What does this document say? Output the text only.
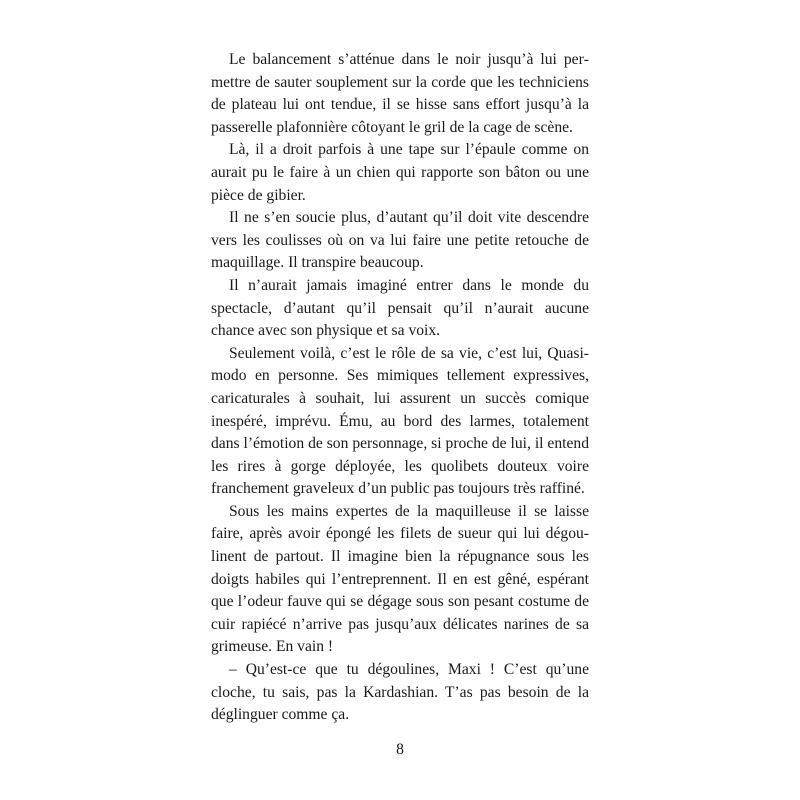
Le balancement s’atténue dans le noir jusqu’à lui permettre de sauter souplement sur la corde que les techniciens de plateau lui ont tendue, il se hisse sans effort jusqu’à la passerelle plafonnière côtoyant le gril de la cage de scène.

Là, il a droit parfois à une tape sur l’épaule comme on aurait pu le faire à un chien qui rapporte son bâton ou une pièce de gibier.

Il ne s’en soucie plus, d’autant qu’il doit vite descendre vers les coulisses où on va lui faire une petite retouche de maquillage. Il transpire beaucoup.

Il n’aurait jamais imaginé entrer dans le monde du spectacle, d’autant qu’il pensait qu’il n’aurait aucune chance avec son physique et sa voix.

Seulement voilà, c’est le rôle de sa vie, c’est lui, Quasimodo en personne. Ses mimiques tellement expressives, caricaturales à souhait, lui assurent un succès comique inespéré, imprévu. Ému, au bord des larmes, totalement dans l’émotion de son personnage, si proche de lui, il entend les rires à gorge déployée, les quolibets douteux voire franchement graveleux d’un public pas toujours très raffiné.

Sous les mains expertes de la maquilleuse il se laisse faire, après avoir épongé les filets de sueur qui lui dégoulinent de partout. Il imagine bien la répugnance sous les doigts habiles qui l’entreprennent. Il en est gêné, espérant que l’odeur fauve qui se dégage sous son pesant costume de cuir rapiécé n’arrive pas jusqu’aux délicates narines de sa grimeuse. En vain !

– Qu’est-ce que tu dégoulines, Maxi ! C’est qu’une cloche, tu sais, pas la Kardashian. T’as pas besoin de la déglinguer comme ça.

8
